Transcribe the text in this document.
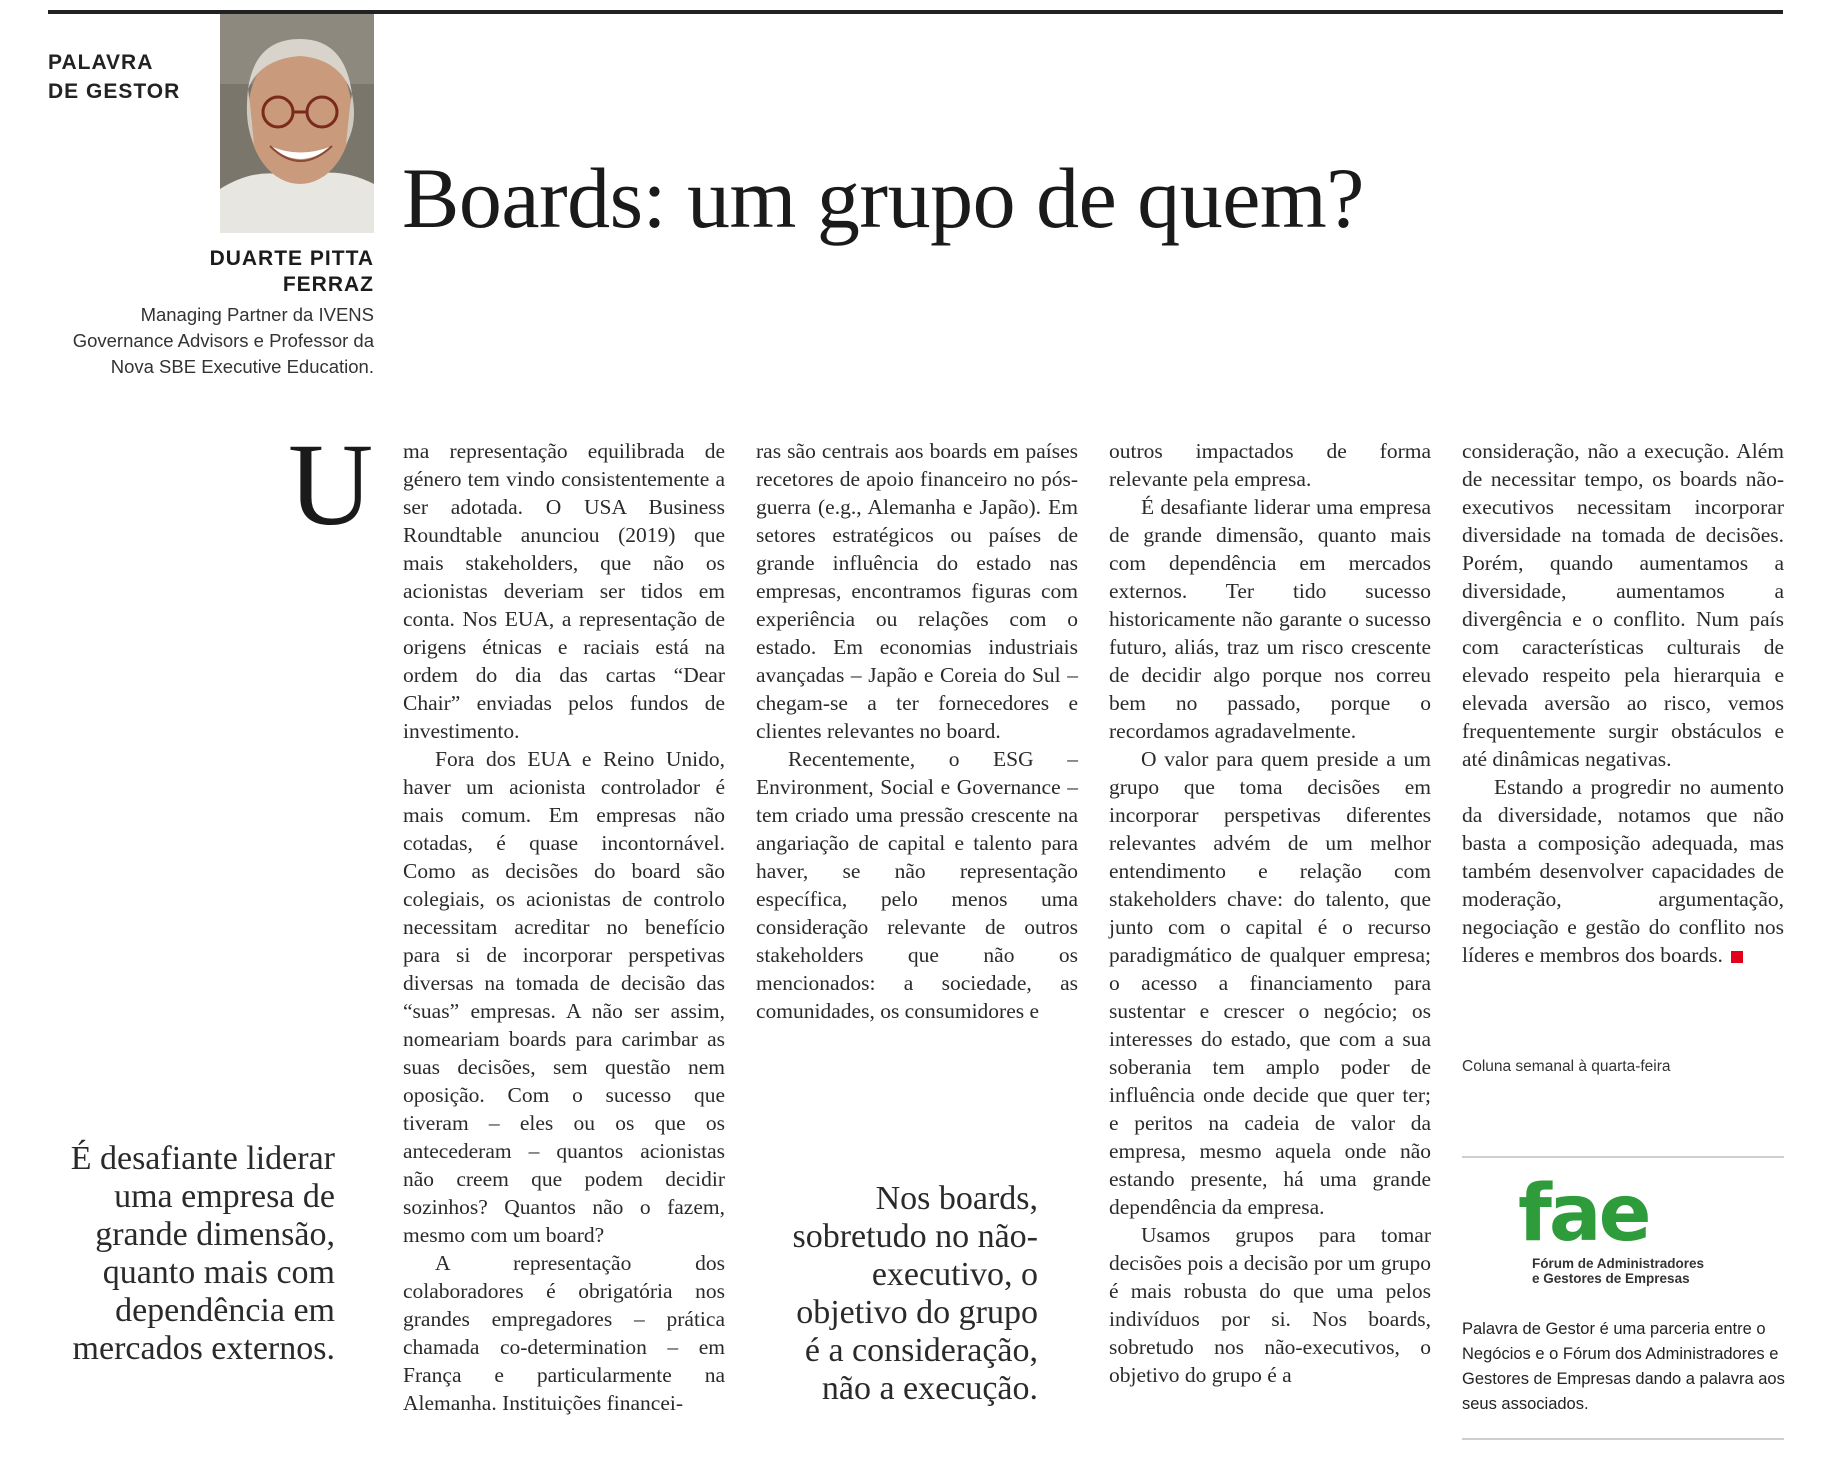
PALAVRA
DE GESTOR
Boards: um grupo de quem?
DUARTE PITTA
FERRAZ
Managing Partner da IVENS Governance Advisors e Professor da Nova SBE Executive Education.
U ma representação equilibrada de género tem vindo consistentemente a ser adotada. O USA Business Roundtable anunciou (2019) que mais stakeholders, que não os acionistas deveriam ser tidos em conta. Nos EUA, a representação de origens étnicas e raciais está na ordem do dia das cartas “Dear Chair” enviadas pelos fundos de investimento.

Fora dos EUA e Reino Unido, haver um acionista controlador é mais comum. Em empresas não cotadas, é quase incontornável. Como as decisões do board são colegiais, os acionistas de controlo necessitam acreditar no benefício para si de incorporar perspetivas diversas na tomada de decisão das “suas” empresas. A não ser assim, nomeariam boards para carimbar as suas decisões, sem questão nem oposição. Com o sucesso que tiveram – eles ou os que os antecederam – quantos acionistas não creem que podem decidir sozinhos? Quantos não o fazem, mesmo com um board?

A representação dos colaboradores é obrigatória nos grandes empregadores – prática chamada co-determination – em França e particularmente na Alemanha. Instituições financei-

ras são centrais aos boards em países recetores de apoio financeiro no pós-guerra (e.g., Alemanha e Japão). Em setores estratégicos ou países de grande influência do estado nas empresas, encontramos figuras com experiência ou relações com o estado. Em economias industriais avançadas – Japão e Coreia do Sul – chegam-se a ter fornecedores e clientes relevantes no board.

Recentemente, o ESG – Environment, Social e Governance – tem criado uma pressão crescente na angariação de capital e talento para haver, se não representação específica, pelo menos uma consideração relevante de outros stakeholders que não os mencionados: a sociedade, as comunidades, os consumidores e

outros impactados de forma relevante pela empresa.

É desafiante liderar uma empresa de grande dimensão, quanto mais com dependência em mercados externos. Ter tido sucesso historicamente não garante o sucesso futuro, aliás, traz um risco crescente de decidir algo porque nos correu bem no passado, porque o recordamos agradavelmente.

O valor para quem preside a um grupo que toma decisões em incorporar perspetivas diferentes relevantes advém de um melhor entendimento e relação com stakeholders chave: do talento, que junto com o capital é o recurso paradigmático de qualquer empresa; o acesso a financiamento para sustentar e crescer o negócio; os interesses do estado, que com a sua soberania tem amplo poder de influência onde decide que quer ter; e peritos na cadeia de valor da empresa, mesmo aquela onde não estando presente, há uma grande dependência da empresa.

Usamos grupos para tomar decisões pois a decisão por um grupo é mais robusta do que uma pelos indivíduos por si. Nos boards, sobretudo nos não-executivos, o objetivo do grupo é a

consideração, não a execução. Além de necessitar tempo, os boards não-executivos necessitam incorporar diversidade na tomada de decisões. Porém, quando aumentamos a diversidade, aumentamos a divergência e o conflito. Num país com características culturais de elevado respeito pela hierarquia e elevada aversão ao risco, vemos frequentemente surgir obstáculos e até dinâmicas negativas.

Estando a progredir no aumento da diversidade, notamos que não basta a composição adequada, mas também desenvolver capacidades de moderação, argumentação, negociação e gestão do conflito nos líderes e membros dos boards.

É desafiante liderar uma empresa de grande dimensão, quanto mais com dependência em mercados externos.
Nos boards, sobretudo no não-executivo, o objetivo do grupo é a consideração, não a execução.
Coluna semanal à quarta-feira
fae
Fórum de Administradores
e Gestores de Empresas
Palavra de Gestor é uma parceria entre o Negócios e o Fórum dos Administradores e Gestores de Empresas dando a palavra aos seus associados.
